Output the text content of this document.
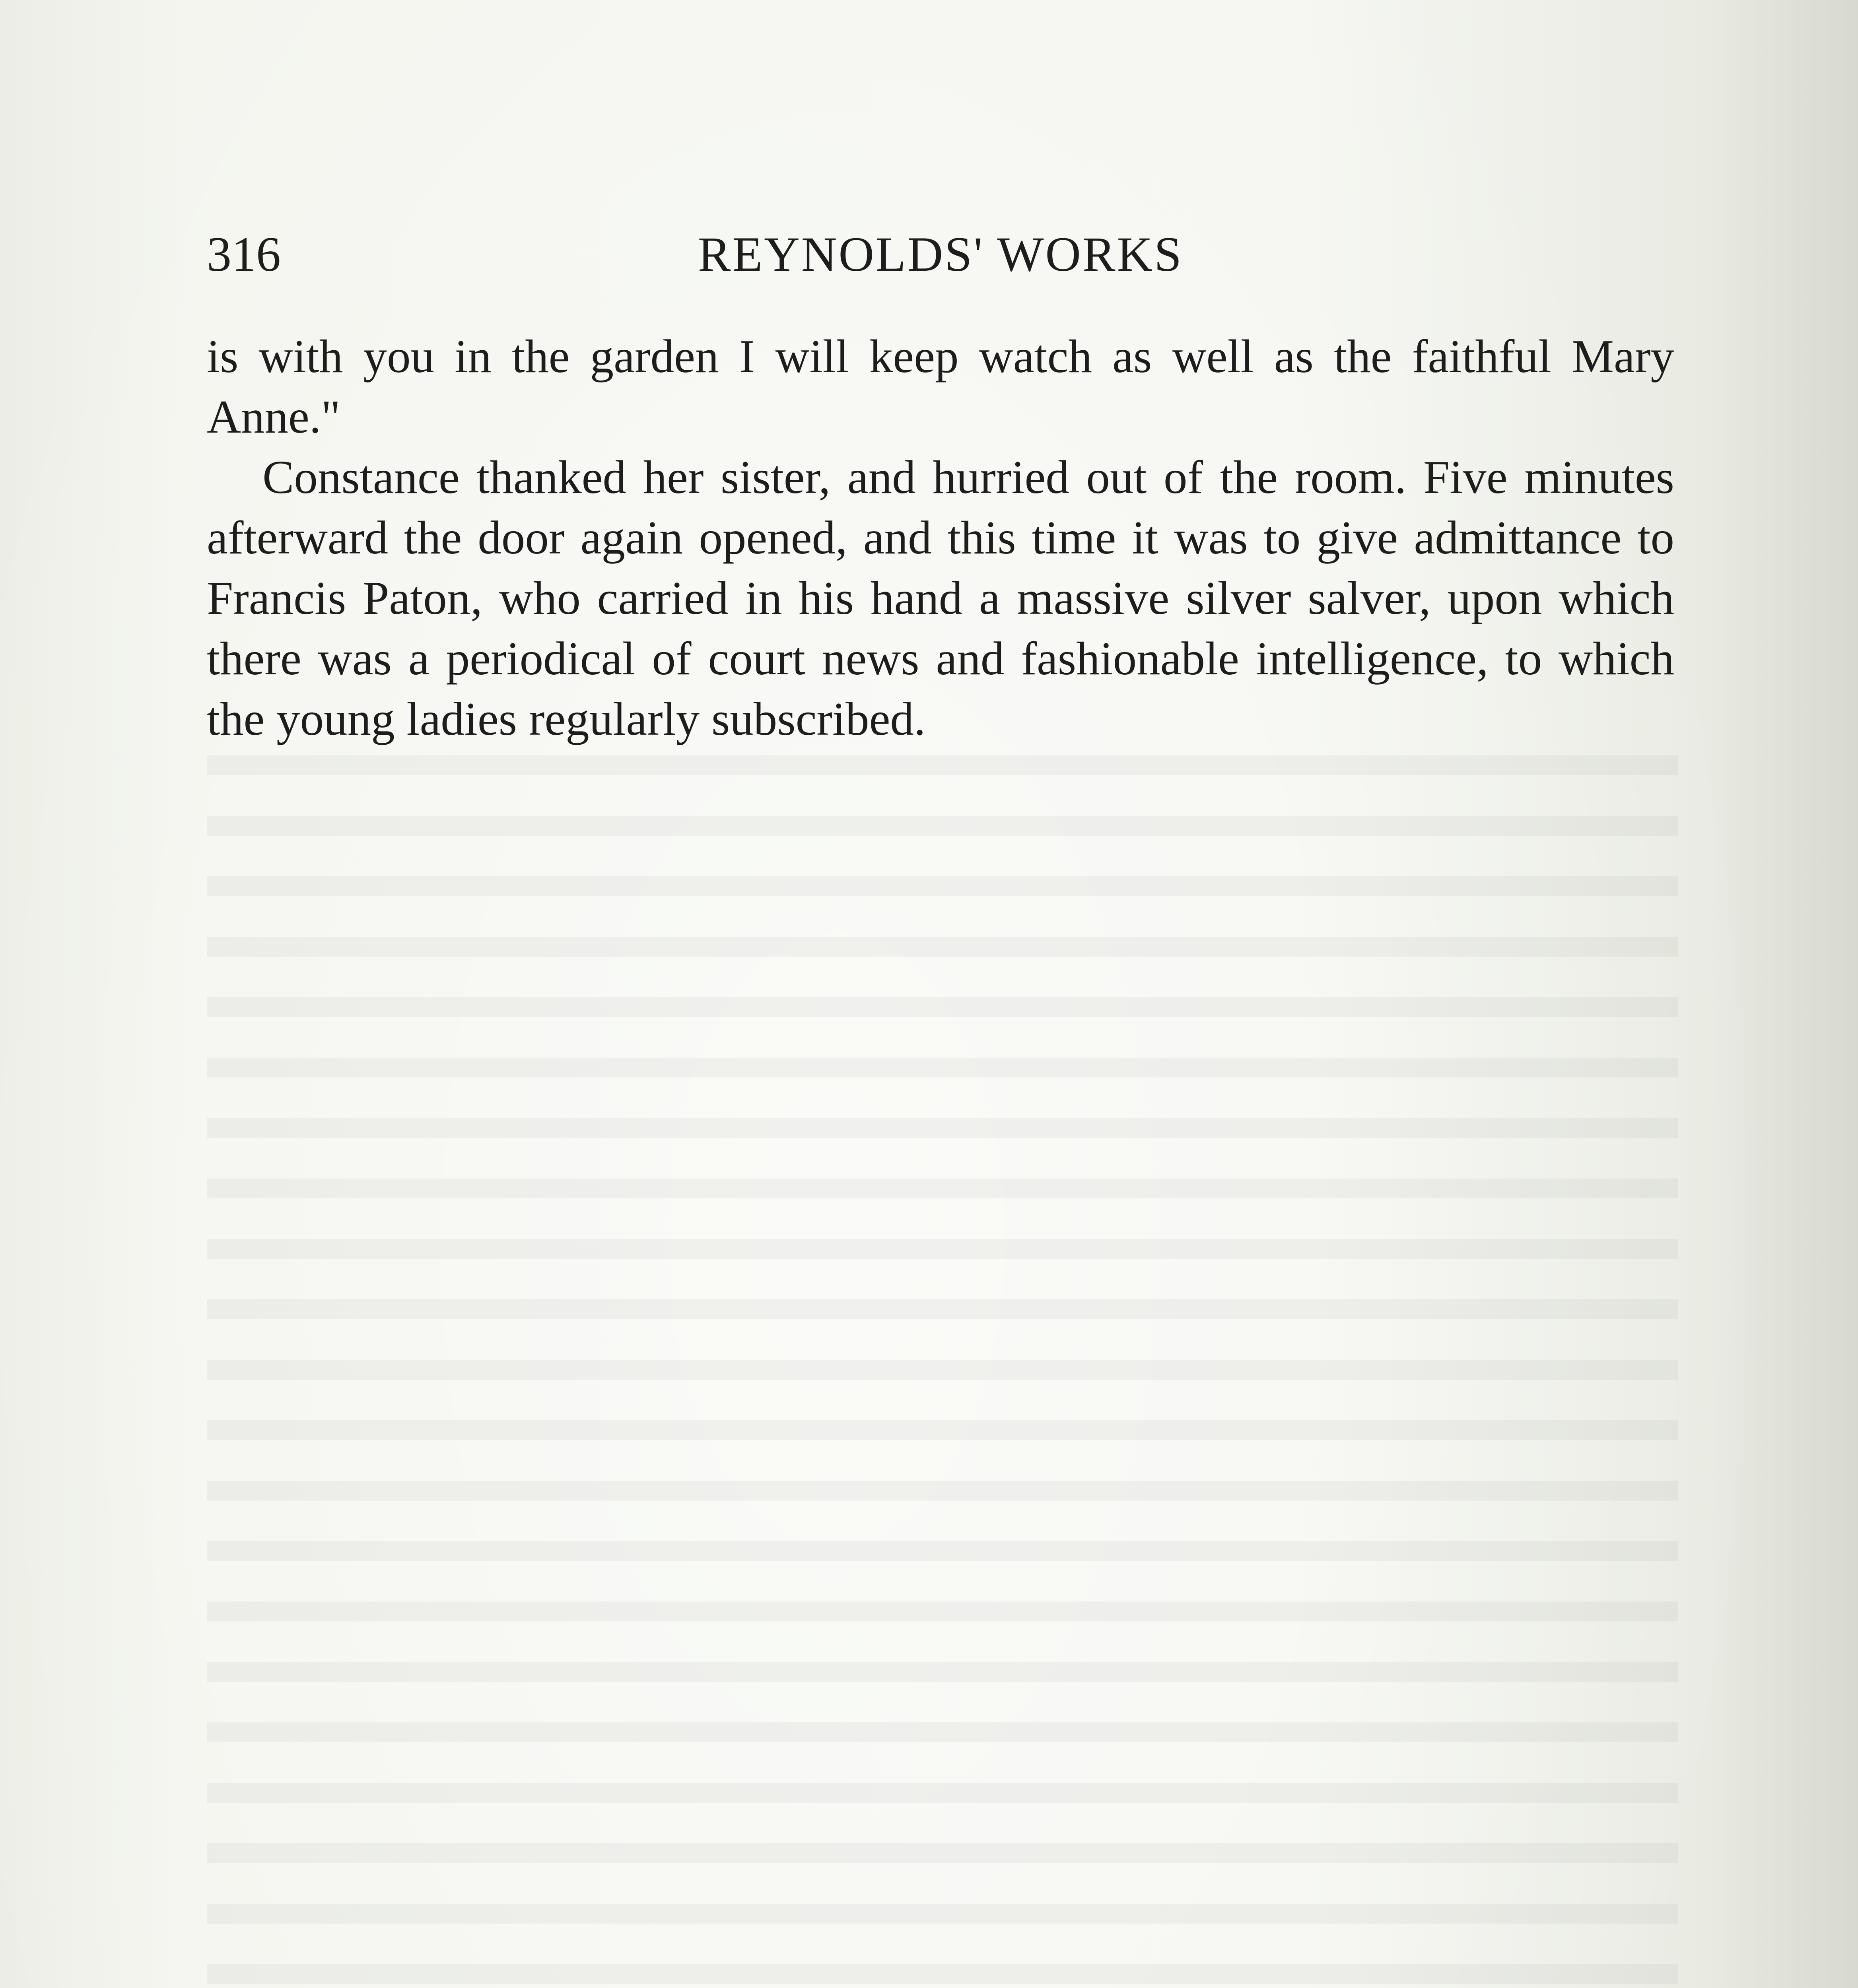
316	REYNOLDS' WORKS

is with you in the garden I will keep watch as well as the faithful Mary Anne."

Constance thanked her sister, and hurried out of the room. Five minutes afterward the door again opened, and this time it was to give admittance to Francis Paton, who carried in his hand a massive silver salver, upon which there was a periodical of court news and fashionable intelligence, to which the young ladies regularly subscribed.
